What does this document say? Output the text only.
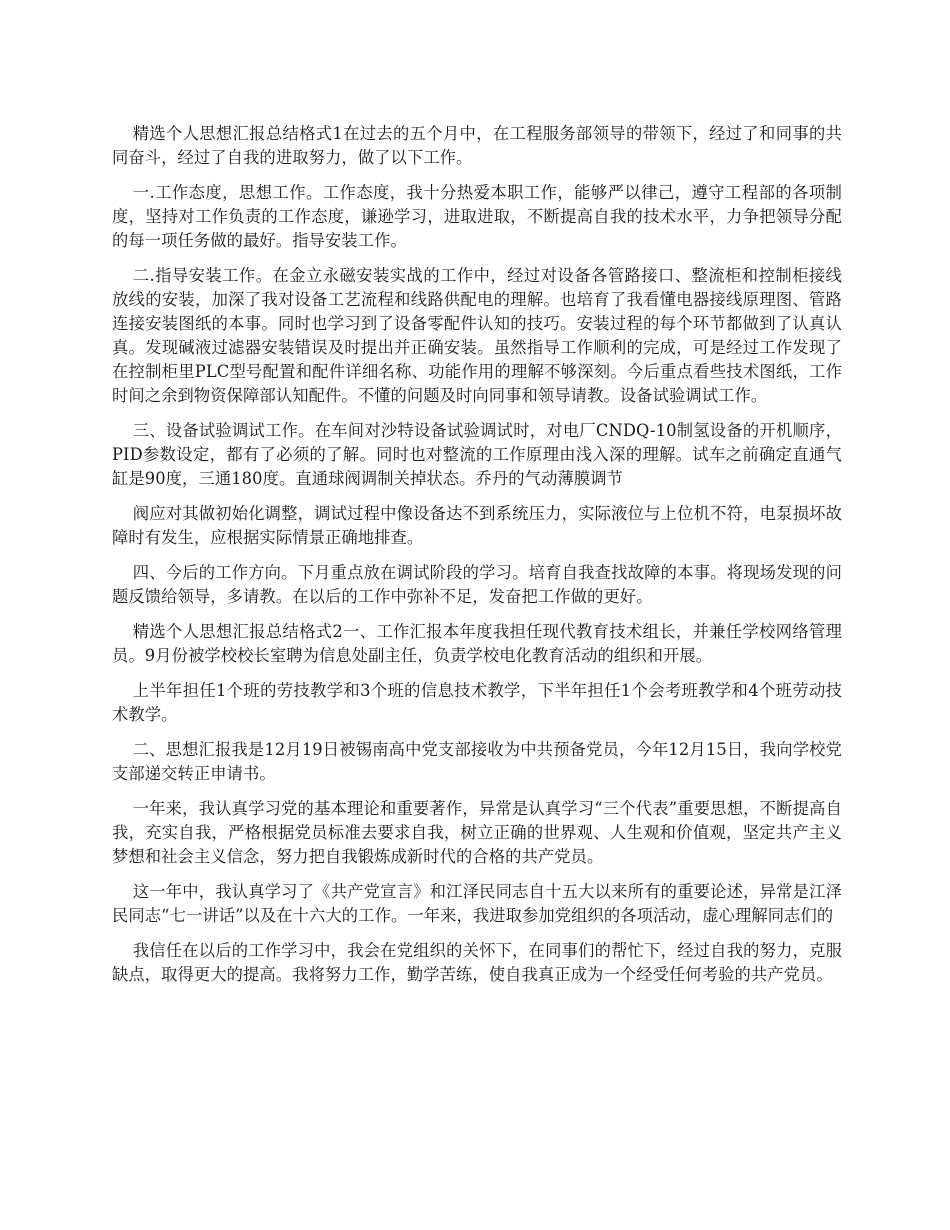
精选个人思想汇报总结格式1在过去的五个月中，在工程服务部领导的带领下，经过了和同事的共同奋斗，经过了自我的进取努力，做了以下工作。

一.工作态度，思想工作。工作态度，我十分热爱本职工作，能够严以律己，遵守工程部的各项制度，坚持对工作负责的工作态度，谦逊学习，进取进取，不断提高自我的技术水平，力争把领导分配的每一项任务做的最好。指导安装工作。

二.指导安装工作。在金立永磁安装实战的工作中，经过对设备各管路接口、整流柜和控制柜接线放线的安装，加深了我对设备工艺流程和线路供配电的理解。也培育了我看懂电器接线原理图、管路连接安装图纸的本事。同时也学习到了设备零配件认知的技巧。安装过程的每个环节都做到了认真认真。发现碱液过滤器安装错误及时提出并正确安装。虽然指导工作顺利的完成，可是经过工作发现了在控制柜里PLC型号配置和配件详细名称、功能作用的理解不够深刻。今后重点看些技术图纸，工作时间之余到物资保障部认知配件。不懂的问题及时向同事和领导请教。设备试验调试工作。

三、设备试验调试工作。在车间对沙特设备试验调试时，对电厂CNDQ-10制氢设备的开机顺序，PID参数设定，都有了必须的了解。同时也对整流的工作原理由浅入深的理解。试车之前确定直通气缸是90度，三通180度。直通球阀调制关掉状态。乔丹的气动薄膜调节

阀应对其做初始化调整，调试过程中像设备达不到系统压力，实际液位与上位机不符，电泵损坏故障时有发生，应根据实际情景正确地排查。

四、今后的工作方向。下月重点放在调试阶段的学习。培育自我查找故障的本事。将现场发现的问题反馈给领导，多请教。在以后的工作中弥补不足，发奋把工作做的更好。

精选个人思想汇报总结格式2一、工作汇报本年度我担任现代教育技术组长，并兼任学校网络管理员。9月份被学校校长室聘为信息处副主任，负责学校电化教育活动的组织和开展。

上半年担任1个班的劳技教学和3个班的信息技术教学，下半年担任1个会考班教学和4个班劳动技术教学。

二、思想汇报我是12月19日被锡南高中党支部接收为中共预备党员，今年12月15日，我向学校党支部递交转正申请书。

一年来，我认真学习党的基本理论和重要著作，异常是认真学习“三个代表”重要思想，不断提高自我，充实自我，严格根据党员标准去要求自我，树立正确的世界观、人生观和价值观，坚定共产主义梦想和社会主义信念，努力把自我锻炼成新时代的合格的共产党员。

这一年中，我认真学习了《共产党宣言》和江泽民同志自十五大以来所有的重要论述，异常是江泽民同志“七一讲话”以及在十六大的工作。一年来，我进取参加党组织的各项活动，虚心理解同志们的

我信任在以后的工作学习中，我会在党组织的关怀下，在同事们的帮忙下，经过自我的努力，克服缺点，取得更大的提高。我将努力工作，勤学苦练，使自我真正成为一个经受任何考验的共产党员。
